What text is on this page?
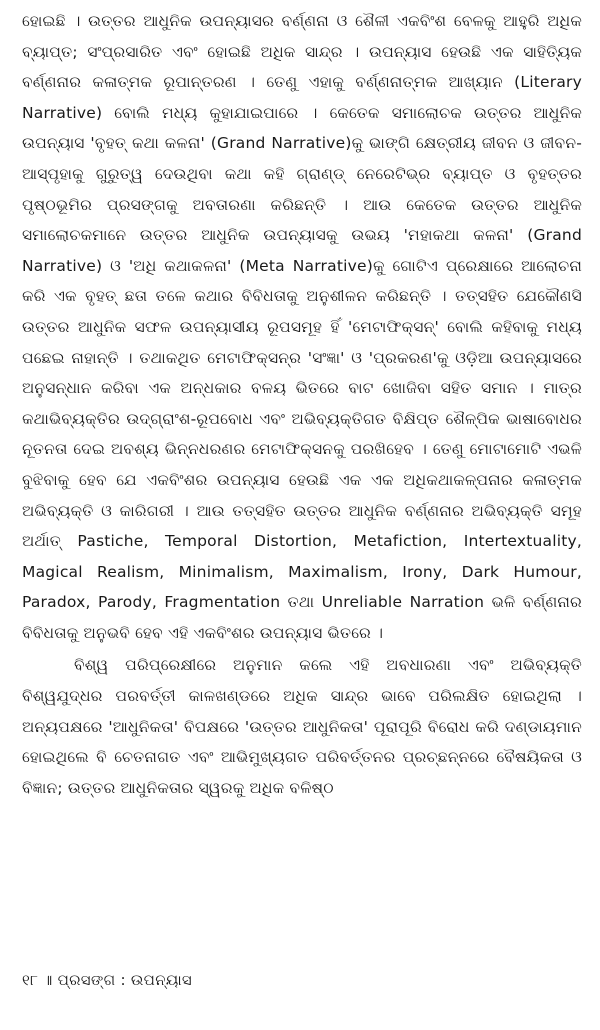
ହୋଇଛି । ଉତ୍ତର ଆଧୁନିକ ଉପନ୍ୟାସର ବର୍ଣ୍ଣନା ଓ ଶୈଳୀ ଏକବିଂଶ ବେଳକୁ ଆହୁରି ଅଧିକ ବ୍ୟାପ୍ତ; ସଂପ୍ରସାରିତ ଏବଂ ହୋଇଛି ଅଧିକ ସାନ୍ଦ୍ର । ଉପନ୍ୟାସ ହେଉଛି ଏକ ସାହିତ୍ୟିକ ବର୍ଣ୍ଣନାର କଳାତ୍ମକ ରୂପାନ୍ତରଣ । ତେଣୁ ଏହାକୁ ବର୍ଣ୍ଣନାତ୍ମକ ଆଖ୍ୟାନ (Literary Narrative) ବୋଲି ମଧ୍ୟ କୁହାଯାଇପାରେ । କେତେକ ସମାଲୋଚକ ଉତ୍ତର ଆଧୁନିକ ଉପନ୍ୟାସ 'ବୃହତ୍ କଥା କଳନା' (Grand Narrative)କୁ ଭାଙ୍ଗି କ୍ଷେତ୍ରୀୟ ଜୀବନ ଓ ଜୀବନ-ଆସ୍ପୃହାକୁ ଗୁରୁତ୍ୱ ଦେଉଥିବା କଥା କହି ଗ୍ରାଣ୍ଡ୍ ନେରେଟିଭ୍‌ର ବ୍ୟାପ୍ତ ଓ ବୃହତ୍ତର ପୃଷ୍ଠଭୂମିର ପ୍ରସଙ୍ଗକୁ ଅବତାରଣା କରିଛନ୍ତି । ଆଉ କେତେକ ଉତ୍ତର ଆଧୁନିକ ସମାଲୋଚକମାନେ ଉତ୍ତର ଆଧୁନିକ ଉପନ୍ୟାସକୁ ଉଭୟ 'ମହାକଥା କଳନା' (Grand Narrative) ଓ 'ଅଧି କଥାକଳନା' (Meta Narrative)କୁ ଗୋଟିଏ ପ୍ରେକ୍ଷାରେ ଆଲୋଚନା କରି ଏକ ବୃହତ୍ ଛତା ତଳେ କଥାର ବିବିଧତାକୁ ଅନୁଶୀଳନ କରିଛନ୍ତି । ତତ୍‌ସହିତ ଯେକୌଣସି ଉତ୍ତର ଆଧୁନିକ ସଫଳ ଉପନ୍ୟାସୀୟ ରୂପସମୂହ ହିଁ 'ମେଟାଫିକ୍‌ସନ୍' ବୋଲି କହିବାକୁ ମଧ୍ୟ ପଛେଇ ନାହାନ୍ତି । ତଥାକଥିତ ମେଟାଫିକ୍‌ସନ୍‌ର 'ସଂଜ୍ଞା' ଓ 'ପ୍ରକରଣ'କୁ ଓଡ଼ିଆ ଉପନ୍ୟାସରେ ଅନୁସନ୍ଧାନ କରିବା ଏକ ଅନ୍ଧକାର ବଳୟ ଭିତରେ ବାଟ ଖୋଜିବା ସହିତ ସମାନ । ମାତ୍ର କଥାଭିବ୍ୟକ୍ତିର ଉଦ୍‌ଗ୍ରାଂଶ-ରୂପବୋଧ ଏବଂ ଅଭିବ୍ୟକ୍ତିଗତ ବିକ୍ଷିପ୍ତ ଶୈଳ୍ପିକ ଭାଷାବୋଧର ନୂତନତା ଦେଇ ଅବଶ୍ୟ ଭିନ୍ନଧରଣର ମେଟାଫିକ୍‌ସନକୁ ପରଖିହେବ । ତେଣୁ ମୋଟାମୋଟି ଏଭଳି ବୁଝିବାକୁ ହେବ ଯେ ଏକବିଂଶର ଉପନ୍ୟାସ ହେଉଛି ଏକ ଏକ ଅଧିକଥାକଳ୍ପନାର କଳାତ୍ମକ ଅଭିବ୍ୟକ୍ତି ଓ କାରିଗରୀ । ଆଉ ତତ୍‌ସହିତ ଉତ୍ତର ଆଧୁନିକ ବର୍ଣ୍ଣନାର ଅଭିବ୍ୟକ୍ତି ସମୂହ ଅର୍ଥାତ୍ Pastiche, Temporal Distortion, Metafiction, Intertextuality, Magical Realism, Minimalism, Maximalism, Irony, Dark Humour, Paradox, Parody, Fragmentation ତଥା Unreliable Narration ଭଳି ବର୍ଣ୍ଣନାର ବିବିଧତାକୁ ଅନୁଭବି ହେବ ଏହି ଏକବିଂଶର ଉପନ୍ୟାସ ଭିତରେ ।

ବିଶ୍ୱ ପରିପ୍ରେକ୍ଷୀରେ ଅନୁମାନ କଲେ ଏହି ଅବଧାରଣା ଏବଂ ଅଭିବ୍ୟକ୍ତି ବିଶ୍ୱଯୁଦ୍ଧର ପରବର୍ତ୍ତୀ କାଳଖଣ୍ଡରେ ଅଧିକ ସାନ୍ଦ୍ର ଭାବେ ପରିଲକ୍ଷିତ ହୋଇଥିଲା । ଅନ୍ୟପକ୍ଷରେ 'ଆଧୁନିକତା' ବିପକ୍ଷରେ 'ଉତ୍ତର ଆଧୁନିକତା' ପୂରାପୂରି ବିରୋଧ କରି ଦଣ୍ଡାୟମାନ ହୋଇଥିଲେ ବି ଚେତନାଗତ ଏବଂ ଆଭିମୁଖ୍ୟଗତ ପରିବର୍ତ୍ତନର ପ୍ରଚ୍ଛନ୍ନରେ ବୈଷୟିକତା ଓ ବିଜ୍ଞାନ; ଉତ୍ତର ଆଧୁନିକତାର ସ୍ୱରକୁ ଅଧିକ ବଳିଷ୍ଠ

୧୮ ॥ ପ୍ରସଙ୍ଗ : ଉପନ୍ୟାସ
